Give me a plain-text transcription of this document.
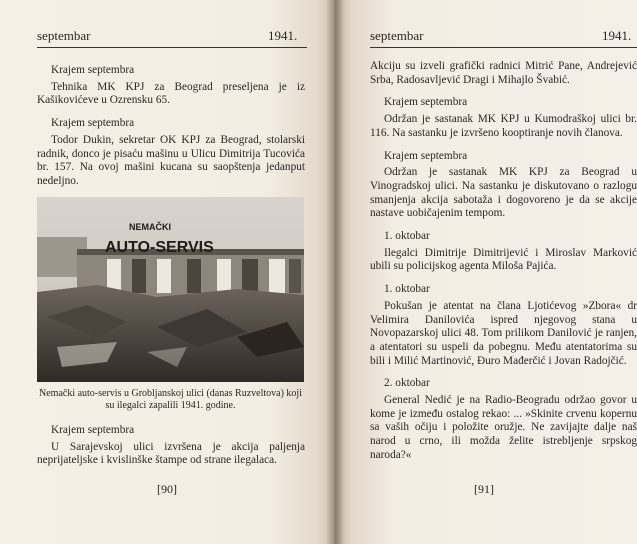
septembar	1941.
Krajem septembra

Tehnika MK KPJ za Beograd preseljena je iz Kašikovićeve u Ozrensku 65.

Krajem septembra

Todor Dukin, sekretar OK KPJ za Beograd, stolarski radnik, donco je pisaću mašinu u Ulicu Dimitrija Tucovića br. 157. Na ovoj mašini kucana su saopštenja jedanput nedeljno.

NEMAČKI
AUTO-SERVIS
Nemački auto-servis u Grobljanskoj ulici (danas Ruzveltova) koji su ilegalci zapalili 1941. godine.
Krajem septembra

U Sarajevskoj ulici izvršena je akcija paljenja neprijateljske i kvislinške štampe od strane ilegalaca.

[90]
septembar	1941.

Akciju su izveli grafički radnici Mitrić Pane, Andrejević Srba, Radosavljević Dragi i Mihajlo Švabić.

Krajem septembra

Održan je sastanak MK KPJ u Kumodraškoj ulici br. 116. Na sastanku je izvršeno kooptiranje novih članova.

Krajem septembra

Održan je sastanak MK KPJ za Beograd u Vinogradskoj ulici. Na sastanku je diskutovano o razlogu smanjenja akcija sabotaža i dogovoreno je da se akcije nastave uobičajenim tempom.

1. oktobar

Ilegalci Dimitrije Dimitrijević i Miroslav Marković ubili su policijskog agenta Miloša Pajića.

1. oktobar

Pokušan je atentat na člana Ljotićevog »Zbora« dr Velimira Danilovića ispred njegovog stana u Novopazarskoj ulici 48. Tom prilikom Danilović je ranjen, a atentatori su uspeli da pobegnu. Među atentatorima su bili i Milić Martinović, Đuro Mađerčić i Jovan Radojčić.

2. oktobar

General Nedić je na Radio-Beogradu održao govor u kome je između ostalog rekao: ... »Skinite crvenu kopernu sa vaših očiju i položite oružje. Ne zavijajte dalje naš narod u crno, ili možda želite istrebljenje srpskog naroda?«

[91]
